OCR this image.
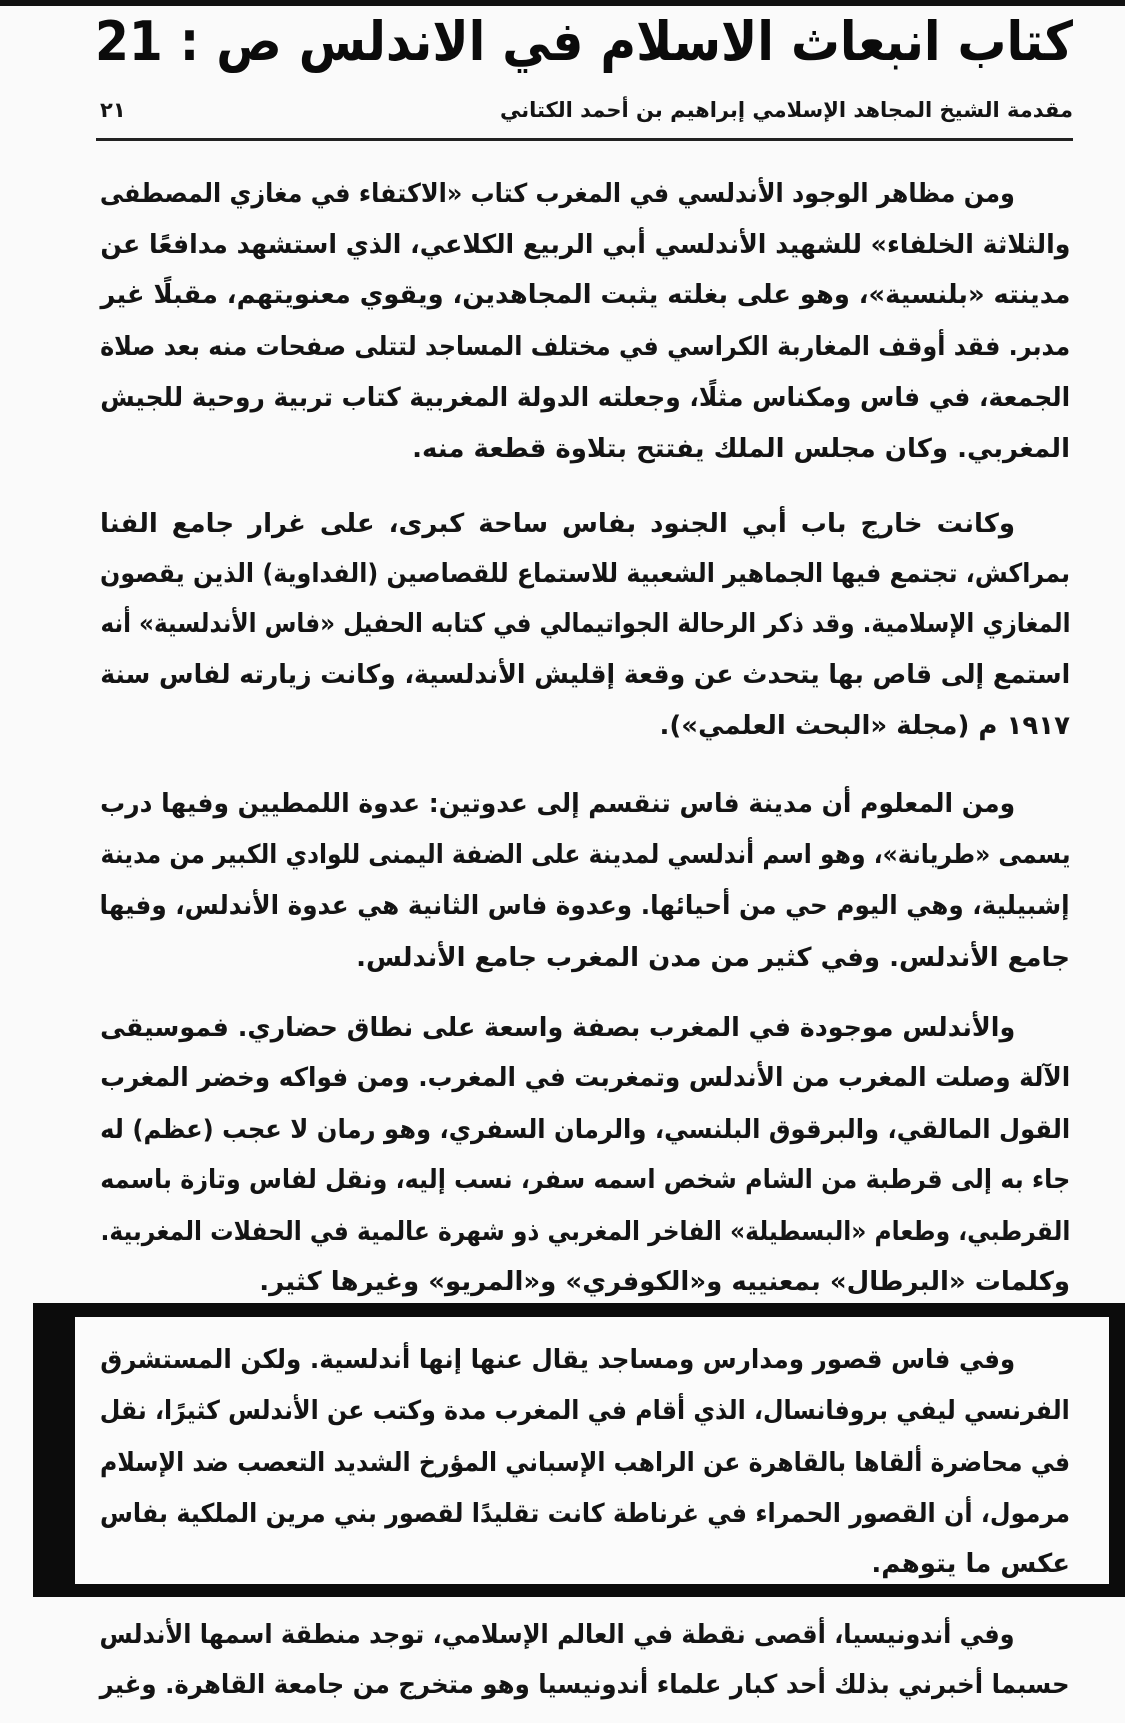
كتاب انبعاث الاسلام في الاندلس ص : 21
مقدمة الشيخ المجاهد الإسلامي إبراهيم بن أحمد الكتاني
٢١
ومن مظاهر الوجود الأندلسي في المغرب كتاب «الاكتفاء في مغازي المصطفى
والثلاثة الخلفاء» للشهيد الأندلسي أبي الربيع الكلاعي، الذي استشهد مدافعًا عن
مدينته «بلنسية»، وهو على بغلته يثبت المجاهدين، ويقوي معنويتهم، مقبلًا غير
مدبر. فقد أوقف المغاربة الكراسي في مختلف المساجد لتتلى صفحات منه بعد صلاة
الجمعة، في فاس ومكناس مثلًا، وجعلته الدولة المغربية كتاب تربية روحية للجيش
المغربي. وكان مجلس الملك يفتتح بتلاوة قطعة منه.
وكانت خارج باب أبي الجنود بفاس ساحة كبرى، على غرار جامع الفنا
بمراكش، تجتمع فيها الجماهير الشعبية للاستماع للقصاصين (الفداوية) الذين يقصون
المغازي الإسلامية. وقد ذكر الرحالة الجواتيمالي في كتابه الحفيل «فاس الأندلسية» أنه
استمع إلى قاص بها يتحدث عن وقعة إقليش الأندلسية، وكانت زيارته لفاس سنة
١٩١٧ م (مجلة «البحث العلمي»).
ومن المعلوم أن مدينة فاس تنقسم إلى عدوتين: عدوة اللمطيين وفيها درب
يسمى «طريانة»، وهو اسم أندلسي لمدينة على الضفة اليمنى للوادي الكبير من مدينة
إشبيلية، وهي اليوم حي من أحيائها. وعدوة فاس الثانية هي عدوة الأندلس، وفيها
جامع الأندلس. وفي كثير من مدن المغرب جامع الأندلس.
والأندلس موجودة في المغرب بصفة واسعة على نطاق حضاري. فموسيقى
الآلة وصلت المغرب من الأندلس وتمغربت في المغرب. ومن فواكه وخضر المغرب
القول المالقي، والبرقوق البلنسي، والرمان السفري، وهو رمان لا عجب (عظم) له
جاء به إلى قرطبة من الشام شخص اسمه سفر، نسب إليه، ونقل لفاس وتازة باسمه
القرطبي، وطعام «البسطيلة» الفاخر المغربي ذو شهرة عالمية في الحفلات المغربية.
وكلمات «البرطال» بمعنييه و«الكوفري» و«المريو» وغيرها كثير.
وفي فاس قصور ومدارس ومساجد يقال عنها إنها أندلسية. ولكن المستشرق
الفرنسي ليفي بروفانسال، الذي أقام في المغرب مدة وكتب عن الأندلس كثيرًا، نقل
في محاضرة ألقاها بالقاهرة عن الراهب الإسباني المؤرخ الشديد التعصب ضد الإسلام
مرمول، أن القصور الحمراء في غرناطة كانت تقليدًا لقصور بني مرين الملكية بفاس
عكس ما يتوهم.
وفي أندونيسيا، أقصى نقطة في العالم الإسلامي، توجد منطقة اسمها الأندلس
حسبما أخبرني بذلك أحد كبار علماء أندونيسيا وهو متخرج من جامعة القاهرة. وغير
